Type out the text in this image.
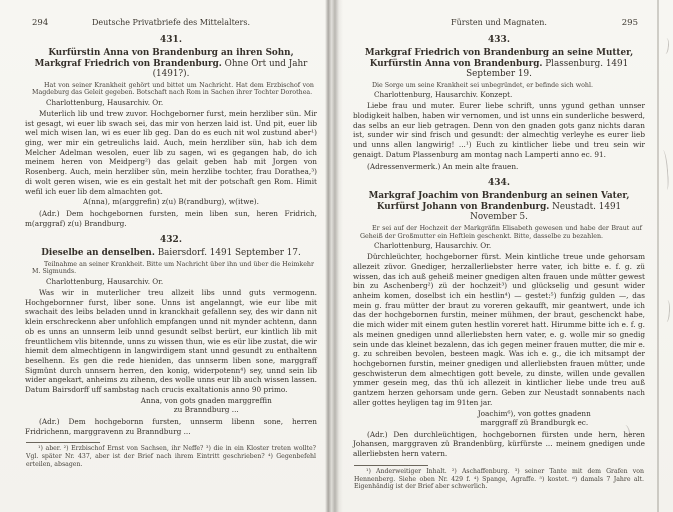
294	Deutsche Privatbriefe des Mittelalters.
431.
Kurfürstin Anna von Brandenburg an ihren Sohn, Markgraf Friedrich von Brandenburg. Ohne Ort und Jahr (1491?).
Hat von seiner Krankheit gehört und bittet um Nachricht. Hat dem Erzbischof von Magdeburg das Geleit gegeben. Botschaft nach Rom in Sachen ihrer Tochter Dorothea.
Charlottenburg, Hausarchiv. Or.

Muterlich lib und trew zuvor. Hochgeborner furst, mein herzliber sün. Mir ist gesagt, wi euer lib swach sei, das mir von herzen laid ist. Und pit, euer lib wel mich wisen lan, wi es euer lib geg. Dan do es euch nit wol zustund aber¹) ging, wer mir ein getreulichs laid. Auch, mein herzliber sün, hab ich dem Melcher Adelman wesolen, euer lib zu sagen, wi es gegangen hab, do ich meinem heren von Meidperg²) das gelait geben hab mit Jorgen von Rosenberg. Auch, mein herzliber sün, mein herzlibe tochter, frau Dorathea,³) di wolt geren wisen, wie es ein gestalt het mit der potschaft gen Rom. Himit wefil ich euer lib dem almachten got.

A(nna), m(arggrefin) z(u) B(randburg), w(itwe).

(Adr.) Dem hochgebornen fursten, mein liben sun, heren Fridrich, m(arggraf) z(u) Brandburg.

432.
Dieselbe an denselben. Baiersdorf. 1491 September 17.
Teilnahme an seiner Krankheit. Bitte um Nachricht über ihn und über die Heimkehr M. Sigmunds.
Charlottenburg, Hausarchiv. Or.

Was wir in muterlicher treu allzeit libs unnd guts vermogenn. Hochgebornner furst, liber sone. Unns ist angelanngt, wie eur libe mit swachait des leibs beladen unnd in kranckhait gefallenn sey, des wir dann nit klein erschreckenn aber unfohlich empfangen unnd nit mynder achtenn, dann ob es unns an unnserm leib unnd gesundt selbst berürt, eur kintlich lib mit freuntlichem vlis bitennde, unns zu wissen thun, wie es eür libe zustat, die wir hiemit dem almechtigenn in langwirdigem stant unnd gesundt zu enthaltenn beselhenn. Es gen die rede hieniden, das unnserm liben sone, marggraff Sigmünt durch unnsern herren, den konig, widerpotenn⁴) sey, unnd sein lib wider angekart, anheims zu zihenn, des wolle unns eur lib auch wissen lassen. Datum Bairsdorff uff sambstag nach crucis exaltationis anno 90 primo.

Anna, von gots gnaden marggreffin
zu Branndburg ...

(Adr.) Dem hochgebornn fursten, unnserm libenn sone, herren Fridrichenn, marggravenn zu Branndburg ...

¹) aber. ²) Erzbischof Ernst von Sachsen, ihr Neffe? ³) die in ein Kloster treten wollte? Vgl. später Nr. 437, aber ist der Brief nach ihrem Eintritt geschrieben? ⁴) Gegenbefehl erteilen, absagen.
Fürsten und Magnaten.	295
433.
Markgraf Friedrich von Brandenburg an seine Mutter, Kurfürstin Anna von Brandenburg. Plassenburg. 1491 September 19.
Die Sorge um seine Krankheit sei unbegründet, er befinde sich wohl.
Charlottenburg, Hausarchiv. Konzept.

Liebe frau und muter. Eurer liebe schrift, unns ygund gethan unnser blodigkeit halben, haben wir vernomen, und ist unns ein sunderliche beswerd, das selbs an eur lieb getragen. Denn von den gnaden gots ganz nichts daran ist, sunder wir sind frisch und gesundt: der almechtig verleyhe es eurer lieb und unns allen langwirig! ...¹) Euch zu kintlicher liebe und treu sein wir genaigt. Datum Plassenburg am montag nach Lamperti anno ec. 91.

(Adressenvermerk.) An mein alte frauen.

434.
Markgraf Joachim von Brandenburg an seinen Vater, Kurfürst Johann von Brandenburg. Neustadt. 1491 November 5.
Er sei auf der Hochzeit der Markgräfin Elisabeth gewesen und habe der Braut auf Geheiß der Großmutter ein Heftlein geschenkt. Bitte, dasselbe zu bezahlen.
Charlottenburg, Hausarchiv. Or.

Dürchleüchter, hochgeborner fürst. Mein kintliche treue unde gehorsam allezeit züvor. Gnediger, herzallerliebster herre vater, ich bitte e. f. g. zü wissen, das ich auß geheiß meiner gnedigen alten frauen unde mütter gewest bin zu Aschenberg²) zü der hochzeit³) und glückselig und gesunt wider anheim komen, doselbst ich ein hestlin⁴) — gestet:⁵) funfzig gulden —, das mein g. frau mütter der braut zu voreren gekaufft, mir geantwert, unde ich das der hochgebornen furstin, meiner mühmen, der braut, geschenckt habe, die mich wider mit einem guten hestlin voreret hatt. Hirumme bitte ich e. f. g. als meinen gnedigen unnd allerliebsten hern vater, e. g. wolle mir so gnedig sein unde das kleinet bezalenn, das ich gegen meiner frauen mutter, die mir e. g. zu schreiben bevolen, besteen magk. Was ich e. g., die ich mitsampt der hochgebornen furstin, meiner gnedigen und allerliebsten frauen mütter, unde geschwisterun dem almechtigen gott bevele, zu dinste, willen unde gevallen ymmer gesein meg, das thü ich allezeit in kintlicher liebe unde treu auß gantzem herzen gehorsam unde gern. Geben zur Neustadt sonnabents nach aller gottes heyligen tag im 91ten jar.

Joachim⁶), von gottes gnadenn
marggraff zü Brandburgk ec.

(Adr.) Den durchleüchtigen, hochgebornen fürsten unde hern, heren Johansen, marggraven zü Brandenbürg, kürfürste ... meinem gnedigen unde allerliebsten hern vatern.

¹) Anderweitiger Inhalt. ²) Aschaffenburg. ³) seiner Tante mit dem Grafen von Hennenberg. Siehe oben Nr. 429 f. ⁴) Spange, Agraffe. ⁵) kostet. ⁶) damals 7 Jahre alt. Eigenhändig ist der Brief aber schwerlich.
